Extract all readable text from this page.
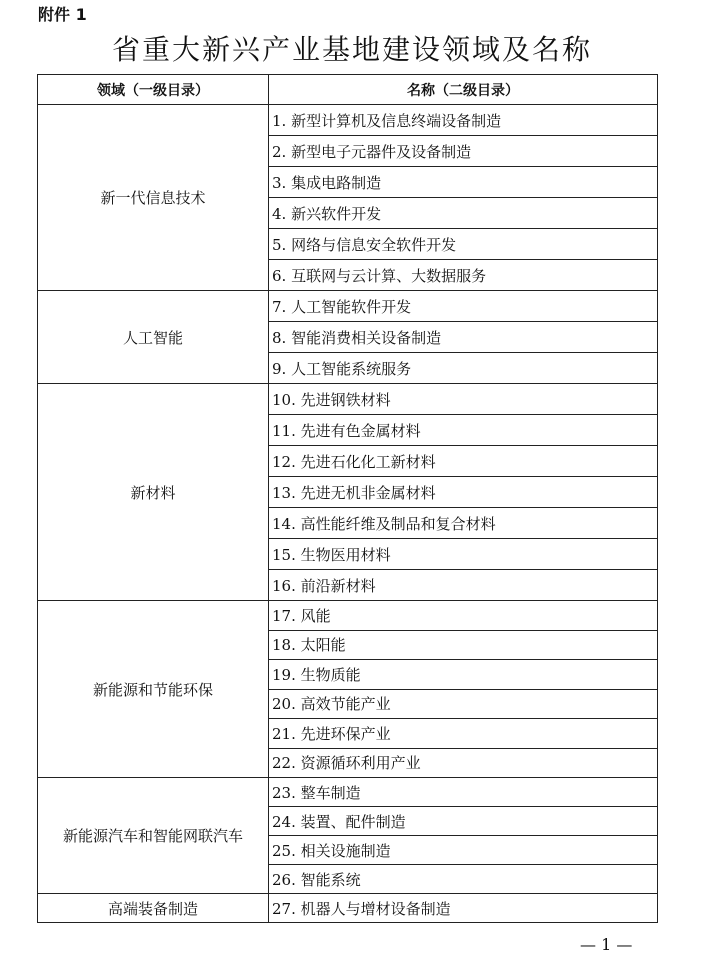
附件 1
省重大新兴产业基地建设领域及名称
领域（一级目录）	名称（二级目录）
新一代信息技术	1. 新型计算机及信息终端设备制造
	2. 新型电子元器件及设备制造
	3. 集成电路制造
	4. 新兴软件开发
	5. 网络与信息安全软件开发
	6. 互联网与云计算、大数据服务
人工智能	7. 人工智能软件开发
	8. 智能消费相关设备制造
	9. 人工智能系统服务
新材料	10. 先进钢铁材料
	11. 先进有色金属材料
	12. 先进石化化工新材料
	13. 先进无机非金属材料
	14. 高性能纤维及制品和复合材料
	15. 生物医用材料
	16. 前沿新材料
新能源和节能环保	17. 风能
	18. 太阳能
	19. 生物质能
	20. 高效节能产业
	21. 先进环保产业
	22. 资源循环利用产业
新能源汽车和智能网联汽车	23. 整车制造
	24. 装置、配件制造
	25. 相关设施制造
	26. 智能系统
高端装备制造	27. 机器人与增材设备制造
— 1 —
